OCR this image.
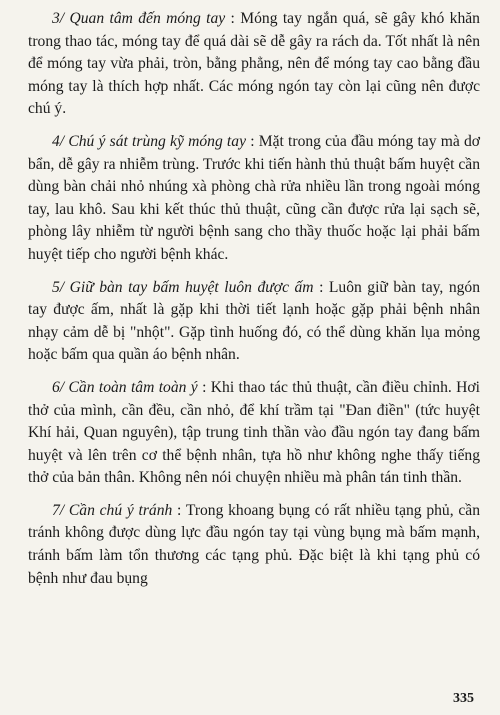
3/ Quan tâm đến móng tay : Móng tay ngắn quá, sẽ gây khó khăn trong thao tác, móng tay để quá dài sẽ dễ gây ra rách da. Tốt nhất là nên để móng tay vừa phải, tròn, bằng phẳng, nên để móng tay cao bằng đầu móng tay là thích hợp nhất. Các móng ngón tay còn lại cũng nên được chú ý.

4/ Chú ý sát trùng kỹ móng tay : Mặt trong của đầu móng tay mà dơ bẩn, dễ gây ra nhiễm trùng. Trước khi tiến hành thủ thuật bấm huyệt cần dùng bàn chải nhỏ nhúng xà phòng chà rửa nhiều lần trong ngoài móng tay, lau khô. Sau khi kết thúc thủ thuật, cũng cần được rửa lại sạch sẽ, phòng lây nhiễm từ người bệnh sang cho thầy thuốc hoặc lại phải bấm huyệt tiếp cho người bệnh khác.

5/ Giữ bàn tay bấm huyệt luôn được ấm : Luôn giữ bàn tay, ngón tay được ấm, nhất là gặp khi thời tiết lạnh hoặc gặp phải bệnh nhân nhạy cảm dễ bị "nhột". Gặp tình huống đó, có thể dùng khăn lụa mỏng hoặc bấm qua quần áo bệnh nhân.

6/ Cần toàn tâm toàn ý : Khi thao tác thủ thuật, cần điều chỉnh. Hơi thở của mình, cần đều, cần nhỏ, để khí trầm tại "Đan điền" (tức huyệt Khí hải, Quan nguyên), tập trung tinh thần vào đầu ngón tay đang bấm huyệt và lên trên cơ thể bệnh nhân, tựa hồ như không nghe thấy tiếng thở của bản thân. Không nên nói chuyện nhiều mà phân tán tinh thần.

7/ Cần chú ý tránh : Trong khoang bụng có rất nhiều tạng phủ, cần tránh không được dùng lực đầu ngón tay tại vùng bụng mà bấm mạnh, tránh bấm làm tổn thương các tạng phủ. Đặc biệt là khi tạng phủ có bệnh như đau bụng

335
